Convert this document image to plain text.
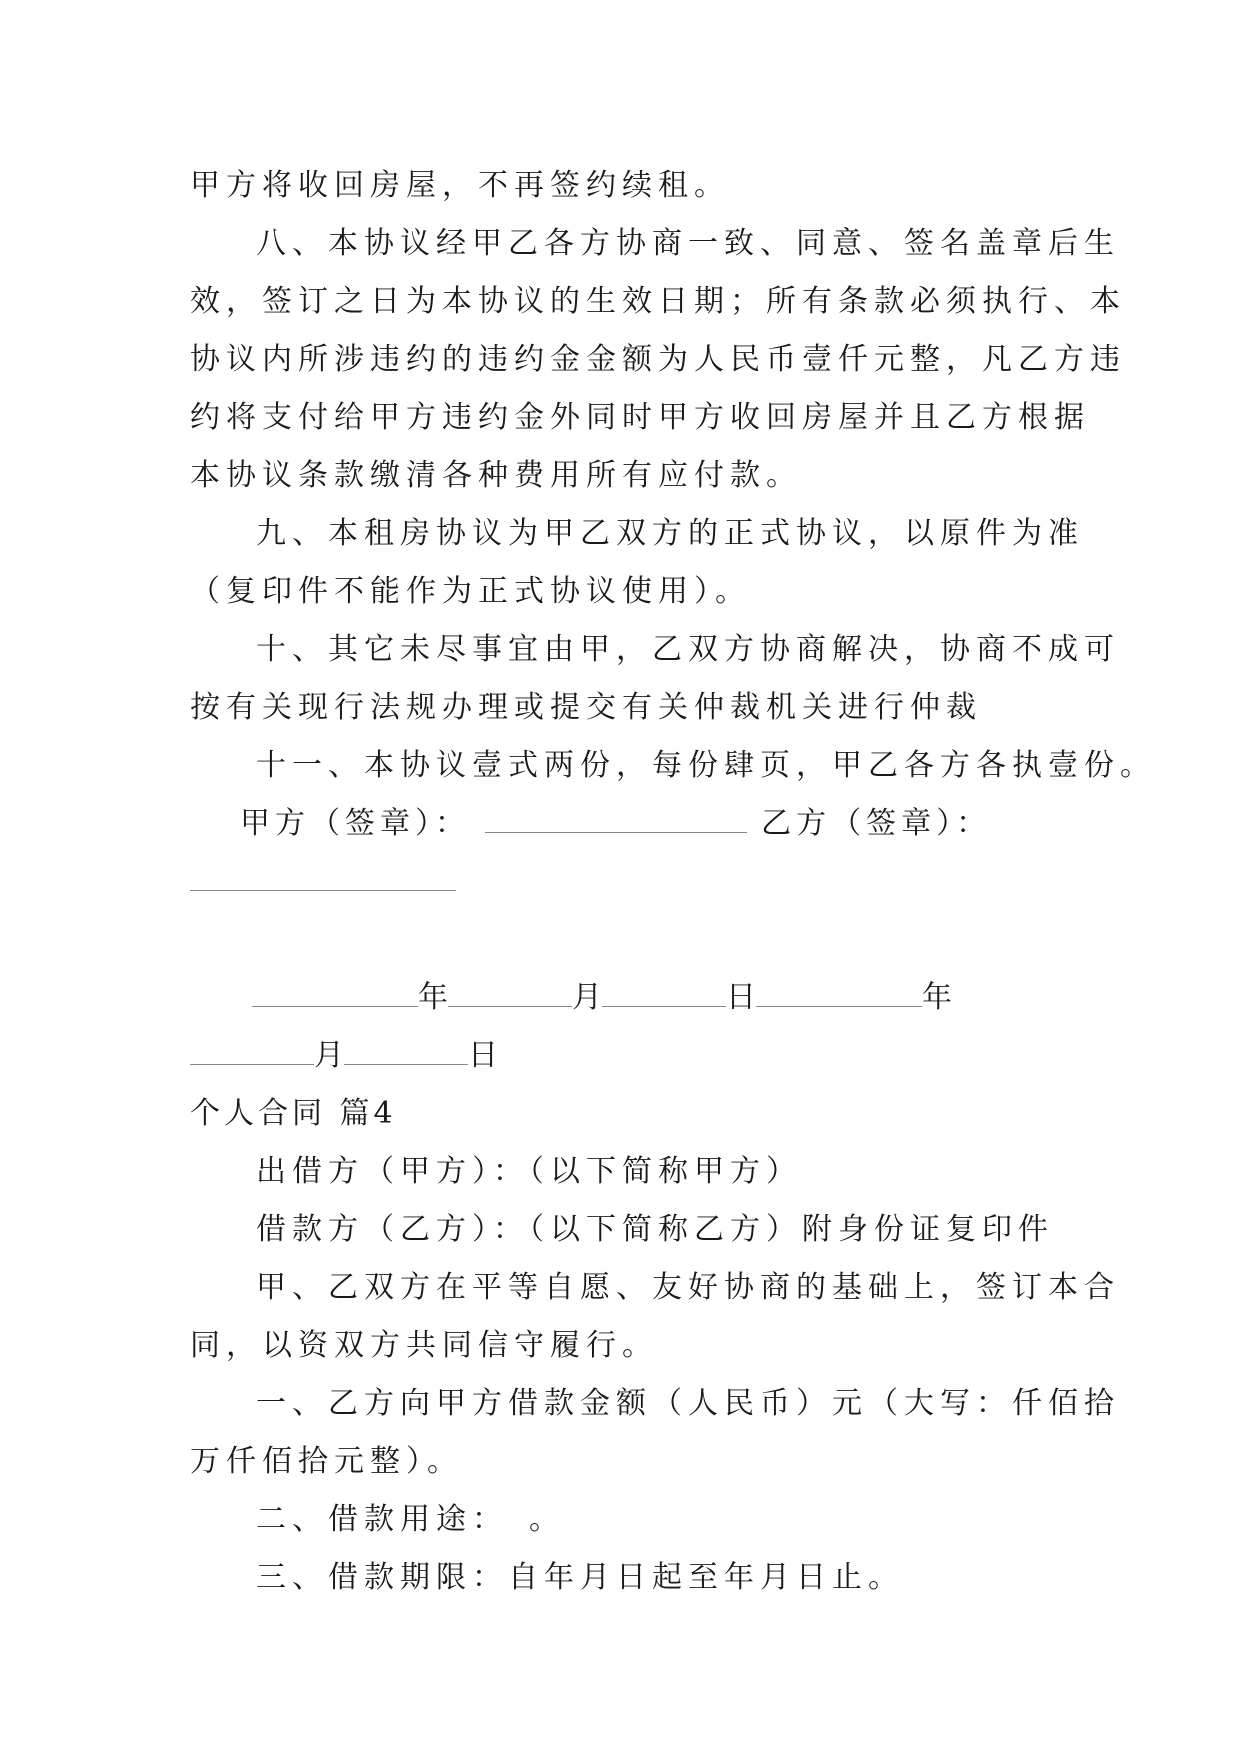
甲方将收回房屋，不再签约续租。
八、本协议经甲乙各方协商一致、同意、签名盖章后生
效，签订之日为本协议的生效日期；所有条款必须执行、本
协议内所涉违约的违约金金额为人民币壹仟元整，凡乙方违
约将支付给甲方违约金外同时甲方收回房屋并且乙方根据
本协议条款缴清各种费用所有应付款。
九、本租房协议为甲乙双方的正式协议，以原件为准
（复印件不能作为正式协议使用）。
十、其它未尽事宜由甲，乙双方协商解决，协商不成可
按有关现行法规办理或提交有关仲裁机关进行仲裁
十一、本协议壹式两份，每份肆页，甲乙各方各执壹份。
甲方（签章）：	乙方（签章）：
年	月	日	年
月	日
个人合同 篇4
出借方（甲方）：（以下简称甲方）
借款方（乙方）：（以下简称乙方）附身份证复印件
甲、乙双方在平等自愿、友好协商的基础上，签订本合
同，以资双方共同信守履行。
一、乙方向甲方借款金额（人民币）元（大写：仟佰拾
万仟佰拾元整）。
二、借款用途：　。
三、借款期限：自年月日起至年月日止。
